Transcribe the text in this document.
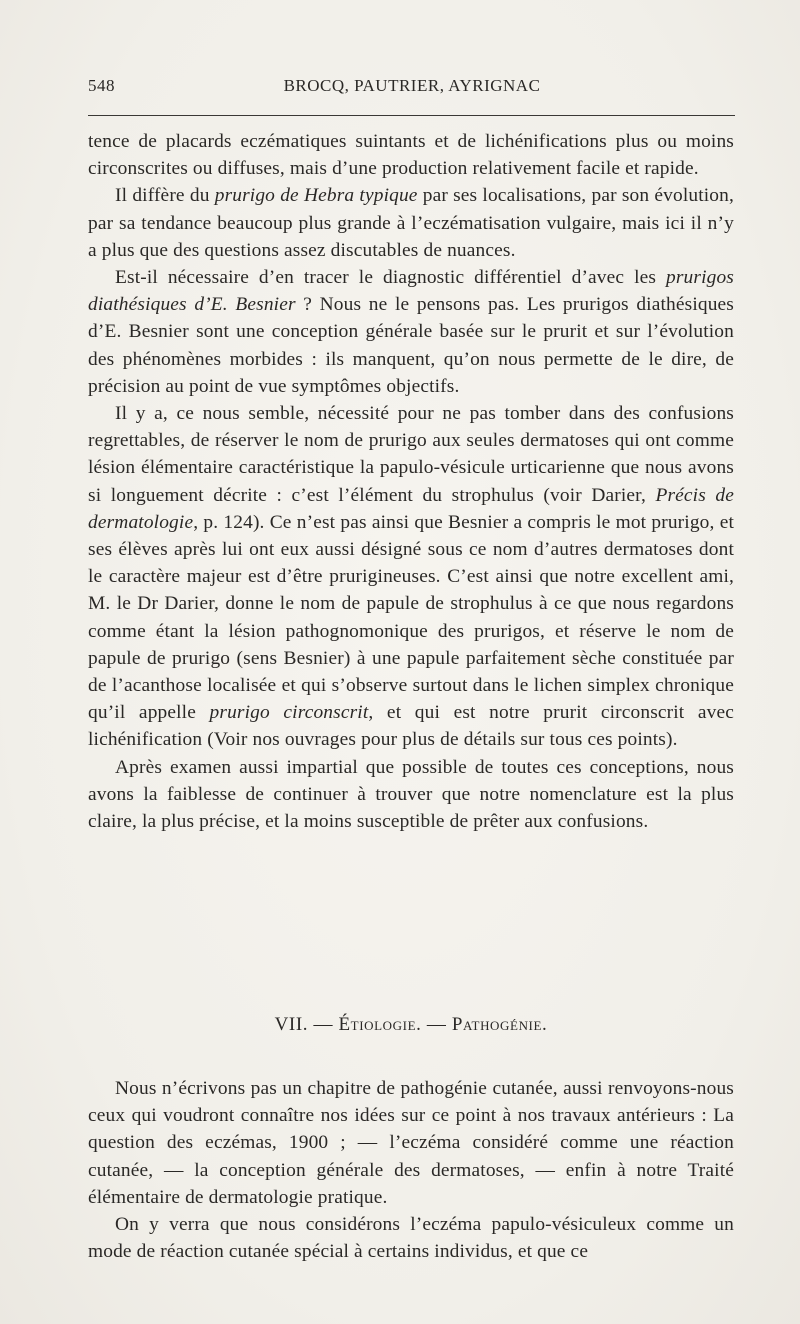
548	BROCQ, PAUTRIER, AYRIGNAC

tence de placards eczématiques suintants et de lichénifications plus ou moins circonscrites ou diffuses, mais d’une production relativement facile et rapide.

Il diffère du prurigo de Hebra typique par ses localisations, par son évolution, par sa tendance beaucoup plus grande à l’eczématisation vulgaire, mais ici il n’y a plus que des questions assez discutables de nuances.

Est-il nécessaire d’en tracer le diagnostic différentiel d’avec les prurigos diathésiques d’E. Besnier ? Nous ne le pensons pas. Les prurigos diathésiques d’E. Besnier sont une conception générale basée sur le prurit et sur l’évolution des phénomènes morbides : ils manquent, qu’on nous permette de le dire, de précision au point de vue symptômes objectifs.

Il y a, ce nous semble, nécessité pour ne pas tomber dans des confusions regrettables, de réserver le nom de prurigo aux seules dermatoses qui ont comme lésion élémentaire caractéristique la papulo-vésicule urticarienne que nous avons si longuement décrite : c’est l’élément du strophulus (voir Darier, Précis de dermatologie, p. 124). Ce n’est pas ainsi que Besnier a compris le mot prurigo, et ses élèves après lui ont eux aussi désigné sous ce nom d’autres dermatoses dont le caractère majeur est d’être prurigineuses. C’est ainsi que notre excellent ami, M. le Dr Darier, donne le nom de papule de strophulus à ce que nous regardons comme étant la lésion pathognomonique des prurigos, et réserve le nom de papule de prurigo (sens Besnier) à une papule parfaitement sèche constituée par de l’acanthose localisée et qui s’observe surtout dans le lichen simplex chronique qu’il appelle prurigo circonscrit, et qui est notre prurit circonscrit avec lichénification (Voir nos ouvrages pour plus de détails sur tous ces points).

Après examen aussi impartial que possible de toutes ces conceptions, nous avons la faiblesse de continuer à trouver que notre nomenclature est la plus claire, la plus précise, et la moins susceptible de prêter aux confusions.

VII. — Étiologie. — Pathogénie.

Nous n’écrivons pas un chapitre de pathogénie cutanée, aussi renvoyons-nous ceux qui voudront connaître nos idées sur ce point à nos travaux antérieurs : La question des eczémas, 1900 ; — l’eczéma considéré comme une réaction cutanée, — la conception générale des dermatoses, — enfin à notre Traité élémentaire de dermatologie pratique.

On y verra que nous considérons l’eczéma papulo-vésiculeux comme un mode de réaction cutanée spécial à certains individus, et que ce
